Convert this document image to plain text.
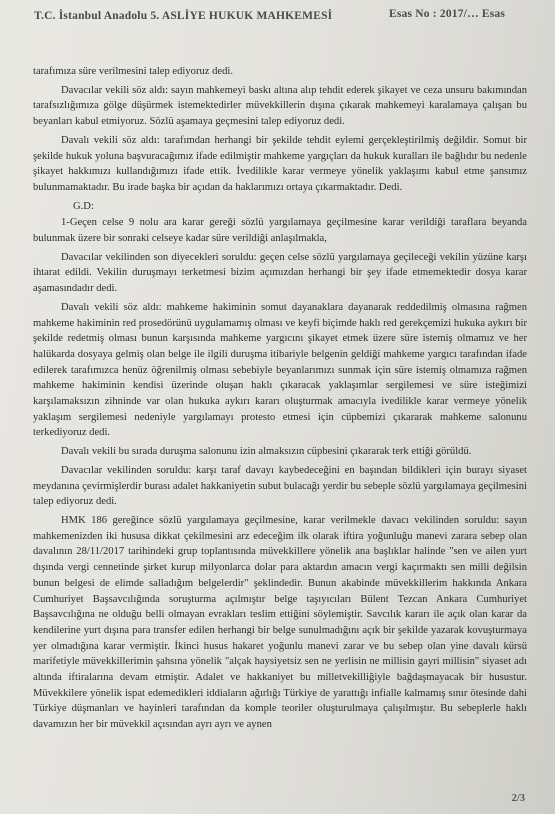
T.C. İstanbul Anadolu 5. ASLİYE HUKUK MAHKEMESİ	Esas No : 2017/… Esas

tarafımıza süre verilmesini talep ediyoruz dedi.

Davacılar vekili söz aldı: sayın mahkemeyi baskı altına alıp tehdit ederek şikayet ve ceza unsuru bakımından tarafsızlığımıza gölge düşürmek istemektedirler müvekkillerin dışına çıkarak mahkemeyi karalamaya çalışan bu beyanları kabul etmiyoruz. Sözlü aşamaya geçmesini talep ediyoruz dedi.

Davalı vekili söz aldı: tarafımdan herhangi bir şekilde tehdit eylemi gerçekleştirilmiş değildir. Somut bir şekilde hukuk yoluna başvuracağımız ifade edilmiştir mahkeme yargıçları da hukuk kuralları ile bağlıdır bu nedenle şikayet hakkımızı kullandığımızı ifade ettik. İvedilikle karar vermeye yönelik yaklaşımı kabul etme şansımız bulunmamaktadır. Bu irade başka bir açıdan da haklarımızı ortaya çıkarmaktadır. Dedi.

G.D:

1-Geçen celse 9 nolu ara karar gereği sözlü yargılamaya geçilmesine karar verildiği taraflara beyanda bulunmak üzere bir sonraki celseye kadar süre verildiği anlaşılmakla,

Davacılar vekilinden son diyecekleri soruldu: geçen celse sözlü yargılamaya geçileceği vekilin yüzüne karşı ihtarat edildi. Vekilin duruşmayı terketmesi bizim açımızdan herhangi bir şey ifade etmemektedir dosya karar aşamasındadır dedi.

Davalı vekili söz aldı: mahkeme hakiminin somut dayanaklara dayanarak reddedilmiş olmasına rağmen mahkeme hakiminin red prosedörünü uygulamamış olması ve keyfi biçimde haklı red gerekçemizi hukuka aykırı bir şekilde redetmiş olması bunun karşısında mahkeme yargıcını şikayet etmek üzere süre istemiş olmamız ve her halükarda dosyaya gelmiş olan belge ile ilgili duruşma itibariyle belgenin geldiği mahkeme yargıcı tarafından ifade edilerek tarafımızca henüz öğrenilmiş olması sebebiyle beyanlarımızı sunmak için süre istemiş olmamıza rağmen mahkeme hakiminin kendisi üzerinde oluşan haklı çıkaracak yaklaşımlar sergilemesi ve süre isteğimizi karşılamaksızın zihninde var olan hukuka aykırı kararı oluşturmak amacıyla ivedilikle karar vermeye yönelik yaklaşım sergilemesi nedeniyle yargılamayı protesto etmesi için cüpbemizi çıkararak mahkeme salonunu terkediyoruz dedi.

Davalı vekili bu sırada duruşma salonunu izin almaksızın cüpbesini çıkararak terk ettiği görüldü.

Davacılar vekilinden soruldu: karşı taraf davayı kaybedeceğini en başından bildikleri için burayı siyaset meydanına çevirmişlerdir burası adalet hakkaniyetin subut bulacağı yerdir bu sebeple sözlü yargılamaya geçilmesini talep ediyoruz dedi.

HMK 186 gereğince sözlü yargılamaya geçilmesine, karar verilmekle davacı vekilinden soruldu: sayın mahkemenizden iki hususa dikkat çekilmesini arz edeceğim ilk olarak iftira yoğunluğu manevi zarara sebep olan davalının 28/11/2017 tarihindeki grup toplantısında müvekkillere yönelik ana başlıklar halinde "sen ve ailen yurt dışında vergi cennetinde şirket kurup milyonlarca dolar para aktardın amacın vergi kaçırmaktı sen milli değilsin bunun belgesi de elimde salladığım belgelerdir" şeklindedir. Bunun akabinde müvekkillerim hakkında Ankara Cumhuriyet Başsavcılığında soruşturma açılmıştır belge taşıyıcıları Bülent Tezcan Ankara Cumhuriyet Başsavcılığına ne olduğu belli olmayan evrakları teslim ettiğini söylemiştir. Savcılık kararı ile açık olan karar da kendilerine yurt dışına para transfer edilen herhangi bir belge sunulmadığını açık bir şekilde yazarak kovuşturmaya yer olmadığına karar vermiştir. İkinci husus hakaret yoğunlu manevi zarar ve bu sebep olan yine davalı kürsü marifetiyle müvekkillerimin şahsına yönelik "alçak haysiyetsiz sen ne yerlisin ne millisin gayri millisin" siyaset adı altında iftiralarına devam etmiştir. Adalet ve hakkaniyet bu milletvekilliğiyle bağdaşmayacak bir husustur. Müvekkilere yönelik ispat edemedikleri iddiaların ağırlığı Türkiye de yarattığı infialle kalmamış sınır ötesinde dahi Türkiye düşmanları ve hayinleri tarafından da komple teoriler oluşturulmaya çalışılmıştır. Bu sebeplerle haklı davamızın her bir müvekkil açısından ayrı ayrı ve aynen

2/3
